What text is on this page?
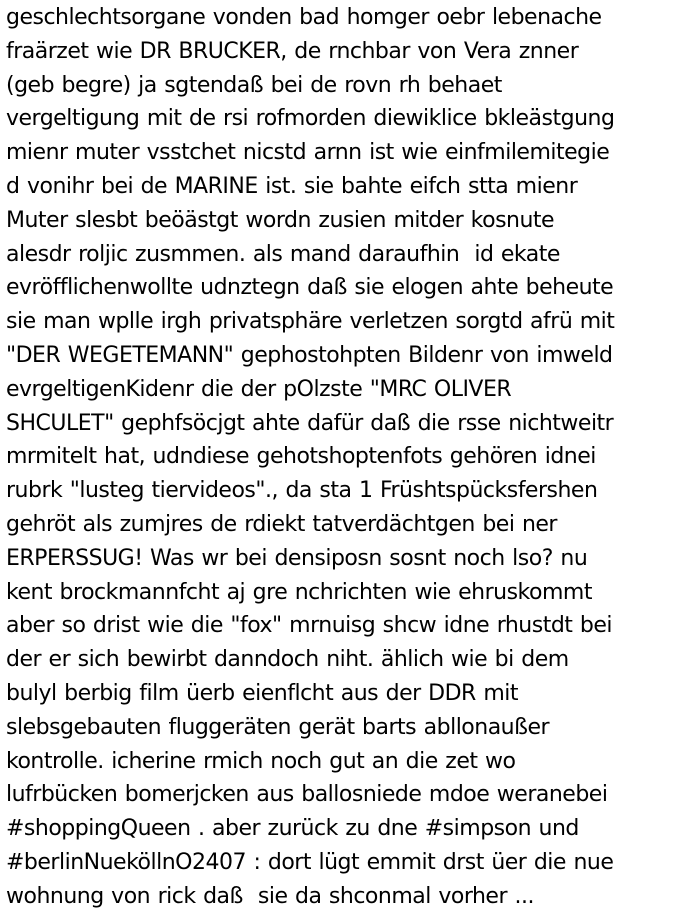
geschlechtsorgane vonden bad homger oebr lebenache
fraärzet wie DR BRUCKER, de rnchbar von Vera znner
(geb begre) ja sgtendaß bei de rovn rh behaet
vergeltigung mit de rsi rofmorden diewiklice bkleästgung
mienr muter vsstchet nicstd arnn ist wie einfmilemitegie
d vonihr bei de MARINE ist. sie bahte eifch stta mienr
Muter slesbt beöästgt wordn zusien mitder kosnute
alesdr roljic zusmmen. als mand daraufhin  id ekate
evröfflichenwollte udnztegn daß sie elogen ahte beheute
sie man wplle irgh privatsphäre verletzen sorgtd afrü mit
"DER WEGETEMANN" gephostohpten Bildenr von imweld
evrgeltigenKidenr die der pOlzste "MRC OLIVER
SHCULET" gephfsöcjgt ahte dafür daß die rsse nichtweitr
mrmitelt hat, udndiese gehotshoptenfots gehören idnei
rubrk "lusteg tiervideos"., da sta 1 Früshtspücksfershen
gehröt als zumjres de rdiekt tatverdächtgen bei ner
ERPERSSUG! Was wr bei densiposn sosnt noch lso? nu
kent brockmannfcht aj gre nchrichten wie ehruskommt
aber so drist wie die "fox" mrnuisg shcw idne rhustdt bei
der er sich bewirbt danndoch niht. ählich wie bi dem
bulyl berbig film üerb eienflcht aus der DDR mit
slebsgebauten fluggeräten gerät barts abllonaußer
kontrolle. icherine rmich noch gut an die zet wo
lufrbücken bomerjcken aus ballosniede mdoe weranebei
#shoppingQueen . aber zurück zu dne #simpson und
#berlinNueköllnO2407 : dort lügt emmit drst üer die nue
wohnung von rick daß  sie da shconmal vorher ...
